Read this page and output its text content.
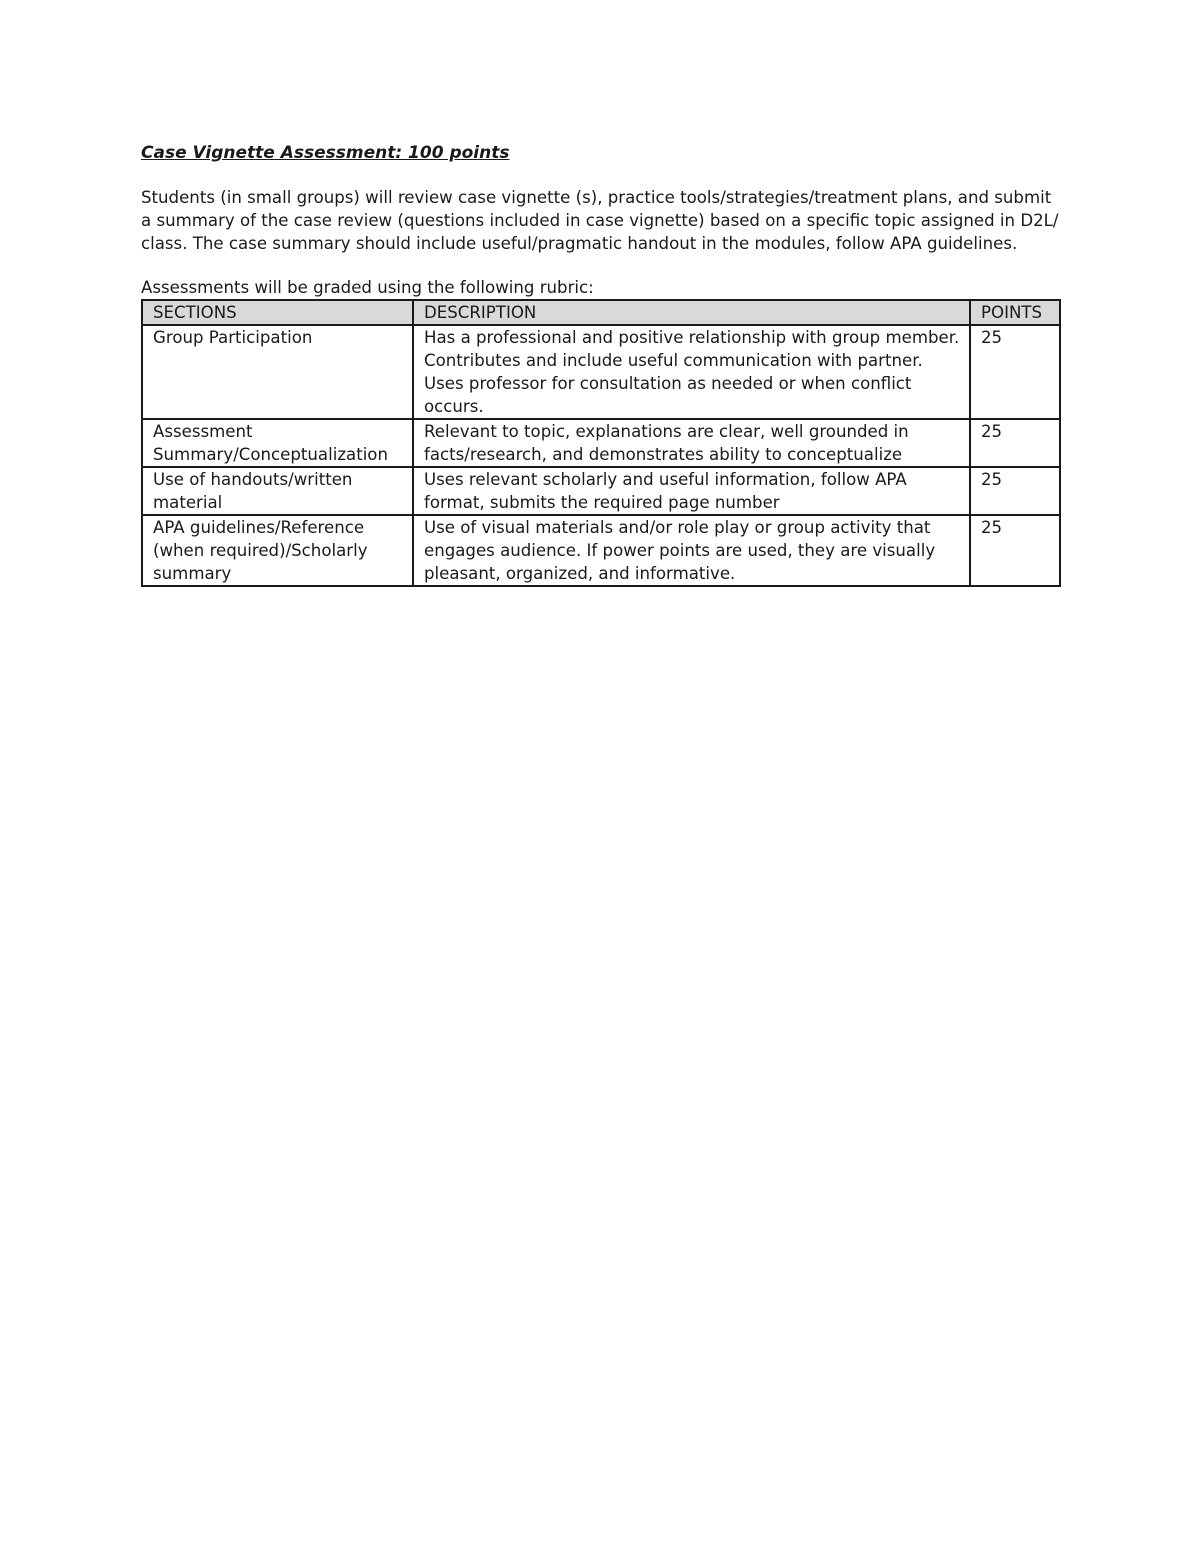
Case Vignette Assessment: 100 points

Students (in small groups) will review case vignette (s), practice tools/strategies/treatment plans, and submit a summary of the case review (questions included in case vignette) based on a specific topic assigned in D2L/ class. The case summary should include useful/pragmatic handout in the modules, follow APA guidelines.

Assessments will be graded using the following rubric:

SECTIONS	DESCRIPTION	POINTS
Group Participation	Has a professional and positive relationship with group member. Contributes and include useful communication with partner. Uses professor for consultation as needed or when conflict occurs.	25
Assessment Summary/Conceptualization	Relevant to topic, explanations are clear, well grounded in facts/research, and demonstrates ability to conceptualize	25
Use of handouts/written material	Uses relevant scholarly and useful information, follow APA format, submits the required page number	25
APA guidelines/Reference (when required)/Scholarly summary	Use of visual materials and/or role play or group activity that engages audience. If power points are used, they are visually pleasant, organized, and informative.	25
